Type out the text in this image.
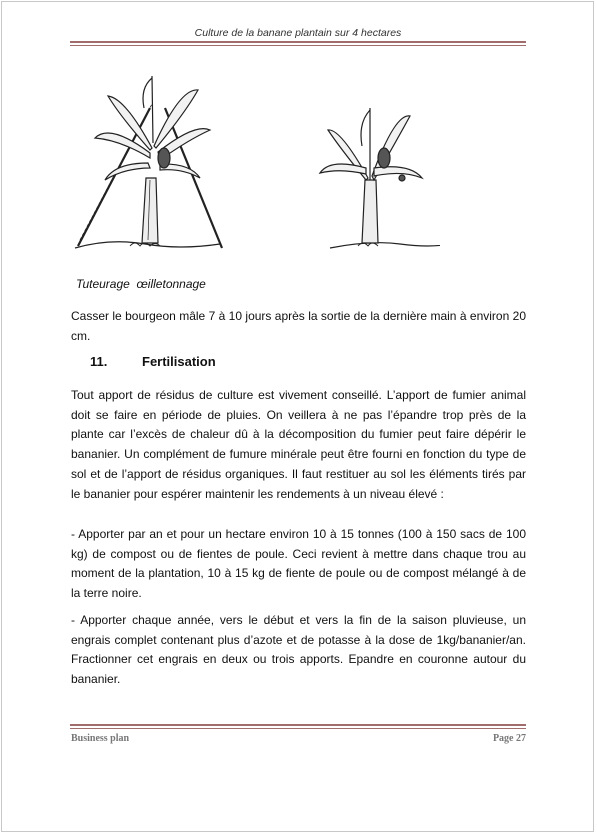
Culture de la banane plantain sur 4 hectares
Tuteurage  œilletonnage

Casser le bourgeon mâle 7 à 10 jours après la sortie de la dernière main à environ 20 cm.

11.	Fertilisation

Tout apport de résidus de culture est vivement conseillé. L’apport de fumier animal doit se faire en période de pluies. On veillera à ne pas l’épandre trop près de la plante car l’excès de chaleur dû à la décomposition du fumier peut faire dépérir le bananier. Un complément de fumure minérale peut être fourni en fonction du type de sol et de l’apport de résidus organiques. Il faut restituer au sol les éléments tirés par le bananier pour espérer maintenir les rendements à un niveau élevé :

- Apporter par an et pour un hectare environ 10 à 15 tonnes (100 à 150 sacs de 100 kg) de compost ou de fientes de poule. Ceci revient à mettre dans chaque trou au moment de la plantation, 10 à 15 kg de fiente de poule ou de compost mélangé à de la terre noire.

- Apporter chaque année, vers le début et vers la fin de la saison pluvieuse, un engrais complet contenant plus d’azote et de potasse à la dose de 1kg/bananier/an. Fractionner cet engrais en deux ou trois apports. Epandre en couronne autour du bananier.

Business plan	Page 27
